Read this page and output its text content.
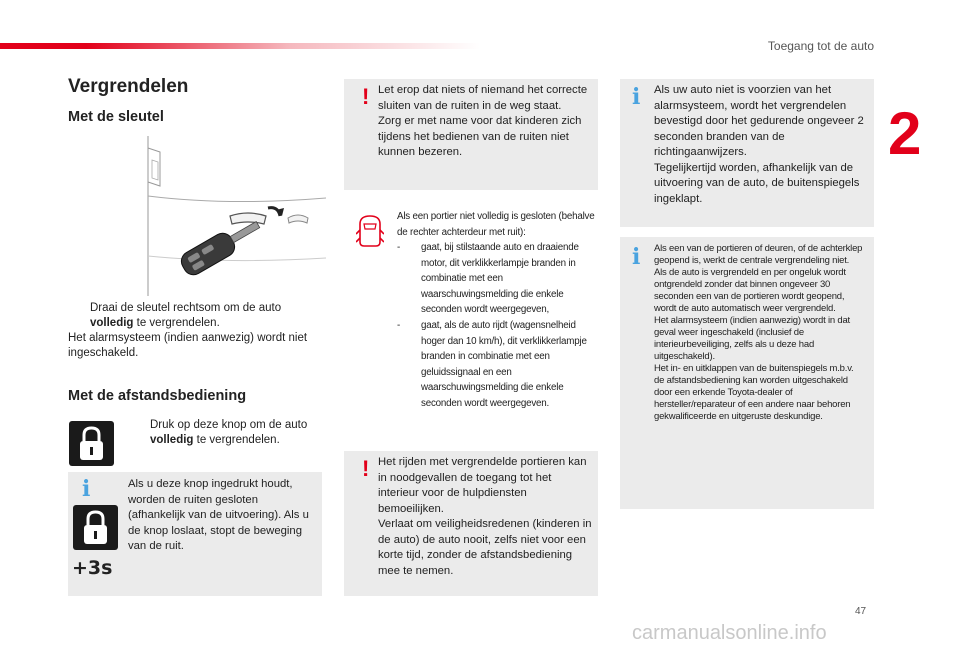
Toegang tot de auto
2
47
carmanualsonline.info
Vergrendelen
Met de sleutel
Draai de sleutel rechtsom om de auto
volledig te vergrendelen.
Het alarmsysteem (indien aanwezig) wordt niet ingeschakeld.
Met de afstandsbediening
Druk op deze knop om de auto
volledig te vergrendelen.
i
+3s
Als u deze knop ingedrukt houdt, worden de ruiten gesloten (afhankelijk van de uitvoering). Als u de knop loslaat, stopt de beweging van de ruit.
! Let erop dat niets of niemand het correcte sluiten van de ruiten in de weg staat.
Zorg er met name voor dat kinderen zich tijdens het bedienen van de ruiten niet kunnen bezeren.
Als een portier niet volledig is gesloten (behalve de rechter achterdeur met ruit):
-	gaat, bij stilstaande auto en draaiende motor, dit verklikkerlampje branden in combinatie met een waarschuwingsmelding die enkele seconden wordt weergegeven,
-	gaat, als de auto rijdt (wagensnelheid hoger dan 10 km/h), dit verklikkerlampje branden in combinatie met een geluidssignaal en een waarschuwingsmelding die enkele seconden wordt weergegeven.
! Het rijden met vergrendelde portieren kan in noodgevallen de toegang tot het interieur voor de hulpdiensten bemoeilijken.
Verlaat om veiligheidsredenen (kinderen in de auto) de auto nooit, zelfs niet voor een korte tijd, zonder de afstandsbediening mee te nemen.
i Als uw auto niet is voorzien van het alarmsysteem, wordt het vergrendelen bevestigd door het gedurende ongeveer 2 seconden branden van de richtingaanwijzers.
Tegelijkertijd worden, afhankelijk van de uitvoering van de auto, de buitenspiegels ingeklapt.
i Als een van de portieren of deuren, of de achterklep geopend is, werkt de centrale vergrendeling niet.
Als de auto is vergrendeld en per ongeluk wordt ontgrendeld zonder dat binnen ongeveer 30 seconden een van de portieren wordt geopend, wordt de auto automatisch weer vergrendeld.
Het alarmsysteem (indien aanwezig) wordt in dat geval weer ingeschakeld (inclusief de interieurbeveiliging, zelfs als u deze had uitgeschakeld).
Het in- en uitklappen van de buitenspiegels m.b.v. de afstandsbediening kan worden uitgeschakeld door een erkende Toyota-dealer of hersteller/reparateur of een andere naar behoren gekwalificeerde en uitgeruste deskundige.
